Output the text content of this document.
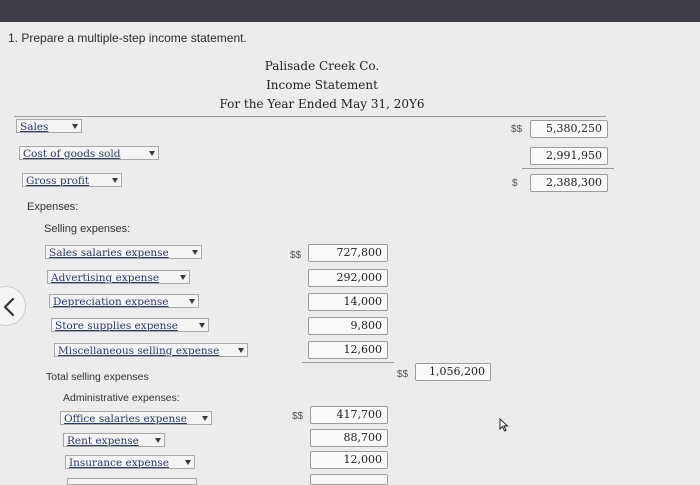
1. Prepare a multiple-step income statement.
Palisade Creek Co.
Income Statement
For the Year Ended May 31, 20Y6
Sales	$$	5,380,250
Cost of goods sold	2,991,950
Gross profit	$	2,388,300
Expenses:
Selling expenses:
Sales salaries expense	$$	727,800
Advertising expense	292,000
Depreciation expense	14,000
Store supplies expense	9,800
Miscellaneous selling expense	12,600
Total selling expenses	$$	1,056,200
Administrative expenses:
Office salaries expense	$$	417,700
Rent expense	88,700
Insurance expense	12,000
